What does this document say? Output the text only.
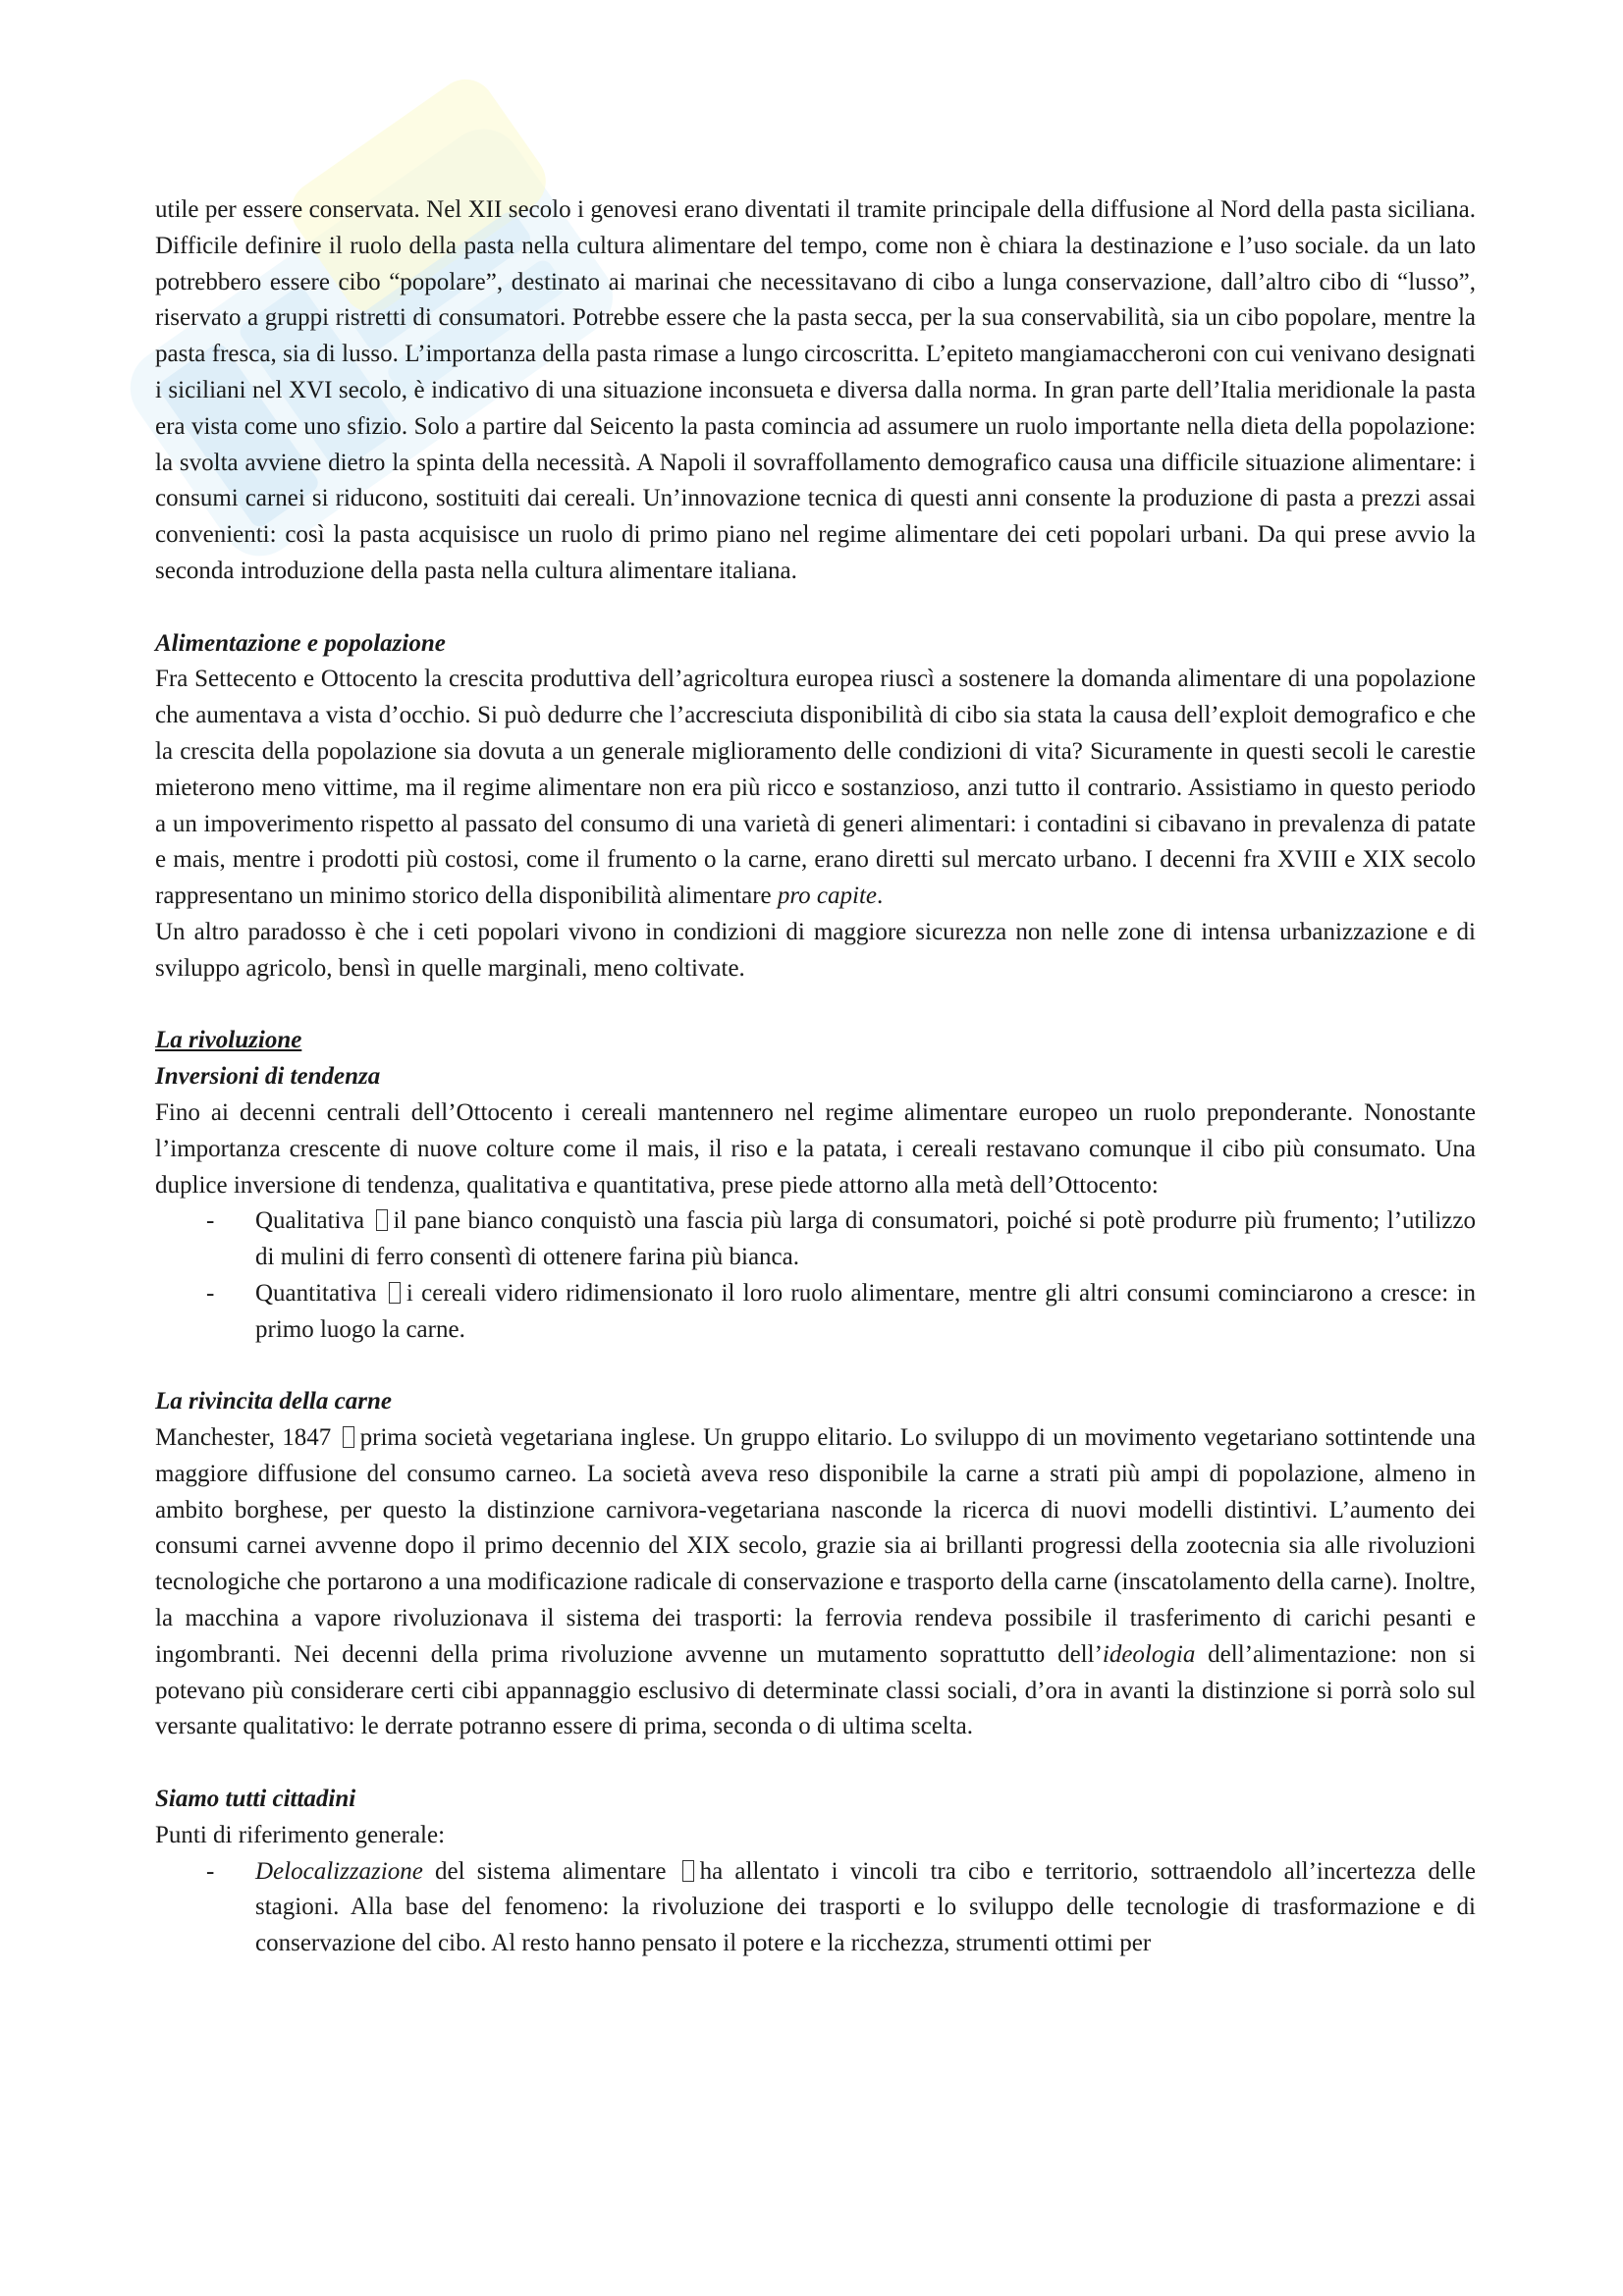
utile per essere conservata. Nel XII secolo i genovesi erano diventati il tramite principale della diffusione al Nord della pasta siciliana. Difficile definire il ruolo della pasta nella cultura alimentare del tempo, come non è chiara la destinazione e l’uso sociale. da un lato potrebbero essere cibo “popolare”, destinato ai marinai che necessitavano di cibo a lunga conservazione, dall’altro cibo di “lusso”, riservato a gruppi ristretti di consumatori. Potrebbe essere che la pasta secca, per la sua conservabilità, sia un cibo popolare, mentre la pasta fresca, sia di lusso. L’importanza della pasta rimase a lungo circoscritta. L’epiteto mangiamaccheroni con cui venivano designati i siciliani nel XVI secolo, è indicativo di una situazione inconsueta e diversa dalla norma. In gran parte dell’Italia meridionale la pasta era vista come uno sfizio. Solo a partire dal Seicento la pasta comincia ad assumere un ruolo importante nella dieta della popolazione: la svolta avviene dietro la spinta della necessità. A Napoli il sovraffollamento demografico causa una difficile situazione alimentare: i consumi carnei si riducono, sostituiti dai cereali. Un’innovazione tecnica di questi anni consente la produzione di pasta a prezzi assai convenienti: così la pasta acquisisce un ruolo di primo piano nel regime alimentare dei ceti popolari urbani. Da qui prese avvio la seconda introduzione della pasta nella cultura alimentare italiana.

Alimentazione e popolazione

Fra Settecento e Ottocento la crescita produttiva dell’agricoltura europea riuscì a sostenere la domanda alimentare di una popolazione che aumentava a vista d’occhio. Si può dedurre che l’accresciuta disponibilità di cibo sia stata la causa dell’exploit demografico e che la crescita della popolazione sia dovuta a un generale miglioramento delle condizioni di vita? Sicuramente in questi secoli le carestie mieterono meno vittime, ma il regime alimentare non era più ricco e sostanzioso, anzi tutto il contrario. Assistiamo in questo periodo a un impoverimento rispetto al passato del consumo di una varietà di generi alimentari: i contadini si cibavano in prevalenza di patate e mais, mentre i prodotti più costosi, come il frumento o la carne, erano diretti sul mercato urbano. I decenni fra XVIII e XIX secolo rappresentano un minimo storico della disponibilità alimentare pro capite.

Un altro paradosso è che i ceti popolari vivono in condizioni di maggiore sicurezza non nelle zone di intensa urbanizzazione e di sviluppo agricolo, bensì in quelle marginali, meno coltivate.

La rivoluzione
Inversioni di tendenza

Fino ai decenni centrali dell’Ottocento i cereali mantennero nel regime alimentare europeo un ruolo preponderante. Nonostante l’importanza crescente di nuove colture come il mais, il riso e la patata, i cereali restavano comunque il cibo più consumato. Una duplice inversione di tendenza, qualitativa e quantitativa, prese piede attorno alla metà dell’Ottocento:

- Qualitativa il pane bianco conquistò una fascia più larga di consumatori, poiché si potè produrre più frumento; l’utilizzo di mulini di ferro consentì di ottenere farina più bianca.
- Quantitativa i cereali videro ridimensionato il loro ruolo alimentare, mentre gli altri consumi cominciarono a cresce: in primo luogo la carne.
La rivincita della carne

Manchester, 1847 prima società vegetariana inglese. Un gruppo elitario. Lo sviluppo di un movimento vegetariano sottintende una maggiore diffusione del consumo carneo. La società aveva reso disponibile la carne a strati più ampi di popolazione, almeno in ambito borghese, per questo la distinzione carnivora-vegetariana nasconde la ricerca di nuovi modelli distintivi. L’aumento dei consumi carnei avvenne dopo il primo decennio del XIX secolo, grazie sia ai brillanti progressi della zootecnia sia alle rivoluzioni tecnologiche che portarono a una modificazione radicale di conservazione e trasporto della carne (inscatolamento della carne). Inoltre, la macchina a vapore rivoluzionava il sistema dei trasporti: la ferrovia rendeva possibile il trasferimento di carichi pesanti e ingombranti. Nei decenni della prima rivoluzione avvenne un mutamento soprattutto dell’ideologia dell’alimentazione: non si potevano più considerare certi cibi appannaggio esclusivo di determinate classi sociali, d’ora in avanti la distinzione si porrà solo sul versante qualitativo: le derrate potranno essere di prima, seconda o di ultima scelta.

Siamo tutti cittadini

Punti di riferimento generale:

- Delocalizzazione del sistema alimentare ha allentato i vincoli tra cibo e territorio, sottraendolo all’incertezza delle stagioni. Alla base del fenomeno: la rivoluzione dei trasporti e lo sviluppo delle tecnologie di trasformazione e di conservazione del cibo. Al resto hanno pensato il potere e la ricchezza, strumenti ottimi per
